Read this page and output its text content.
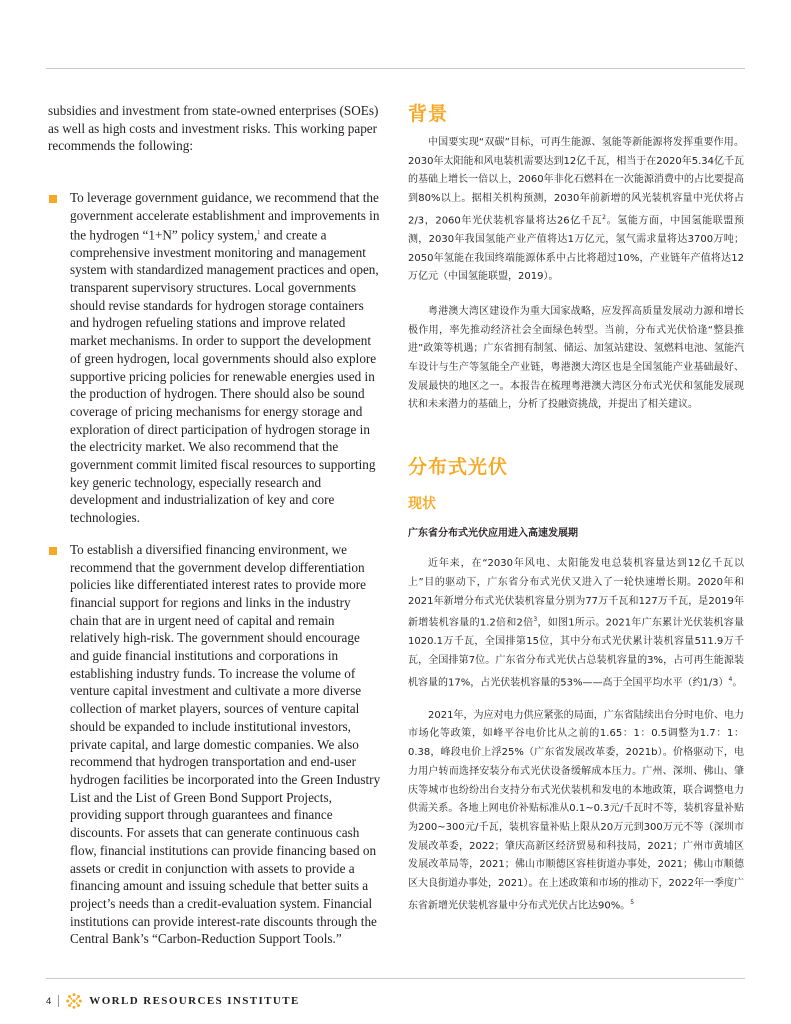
subsidies and investment from state-owned enterprises (SOEs) as well as high costs and investment risks. This working paper recommends the following:

To leverage government guidance, we recommend that the government accelerate establishment and improvements in the hydrogen “1+N” policy system,$^1$ and create a comprehensive investment monitoring and management system with standardized management practices and open, transparent supervisory structures. Local governments should revise standards for hydrogen storage containers and hydrogen refueling stations and improve related market mechanisms. In order to support the development of green hydrogen, local governments should also explore supportive pricing policies for renewable energies used in the production of hydrogen. There should also be sound coverage of pricing mechanisms for energy storage and exploration of direct participation of hydrogen storage in the electricity market. We also recommend that the government commit limited fiscal resources to supporting key generic technology, especially research and development and industrialization of key and core technologies.
To establish a diversified financing environment, we recommend that the government develop differentiation policies like differentiated interest rates to provide more financial support for regions and links in the industry chain that are in urgent need of capital and remain relatively high-risk. The government should encourage and guide financial institutions and corporations in establishing industry funds. To increase the volume of venture capital investment and cultivate a more diverse collection of market players, sources of venture capital should be expanded to include institutional investors, private capital, and large domestic companies. We also recommend that hydrogen transportation and end-user hydrogen facilities be incorporated into the Green Industry List and the List of Green Bond Support Projects, providing support through guarantees and finance discounts. For assets that can generate continuous cash flow, financial institutions can provide financing based on assets or credit in conjunction with assets to provide a financing amount and issuing schedule that better suits a project’s needs than a credit-evaluation system. Financial institutions can provide interest-rate discounts through the Central Bank’s “Carbon-Reduction Support Tools.”
背景

中国要实现“双碳”目标，可再生能源、氢能等新能源将发挥重要作用。2030年太阳能和风电装机需要达到12亿千瓦，相当于在2020年5.34亿千瓦的基础上增长一倍以上，2060年非化石燃料在一次能源消费中的占比要提高到80%以上。据相关机构预测，2030年前新增的风光装机容量中光伏将占2/3，2060年光伏装机容量将达26亿千瓦$^2$。氢能方面，中国氢能联盟预测，2030年我国氢能产业产值将达1万亿元，氢气需求量将达3700万吨；2050年氢能在我国终端能源体系中占比将超过10%，产业链年产值将达12万亿元（中国氢能联盟，2019）。

粤港澳大湾区建设作为重大国家战略，应发挥高质量发展动力源和增长极作用，率先推动经济社会全面绿色转型。当前，分布式光伏恰逢“整县推进”政策等机遇；广东省拥有制氢、储运、加氢站建设、氢燃料电池、氢能汽车设计与生产等氢能全产业链，粤港澳大湾区也是全国氢能产业基础最好、发展最快的地区之一。本报告在梳理粤港澳大湾区分布式光伏和氢能发展现状和未来潜力的基础上，分析了投融资挑战，并提出了相关建议。

分布式光伏
现状
广东省分布式光伏应用进入高速发展期

近年来，在“2030年风电、太阳能发电总装机容量达到12亿千瓦以上”目的驱动下，广东省分布式光伏又进入了一轮快速增长期。2020年和2021年新增分布式光伏装机容量分别为77万千瓦和127万千瓦，是2019年新增装机容量的1.2倍和2倍$^3$，如图1所示。2021年广东累计光伏装机容量1020.1万千瓦，全国排第15位，其中分布式光伏累计装机容量511.9万千瓦，全国排第7位。广东省分布式光伏占总装机容量的3%，占可再生能源装机容量的17%，占光伏装机容量的53%——高于全国平均水平（约1/3）$^4$。

2021年，为应对电力供应紧张的局面，广东省陆续出台分时电价、电力市场化等政策，如峰平谷电价比从之前的1.65：1：0.5调整为1.7：1：0.38，峰段电价上浮25%（广东省发展改革委，2021b）。价格驱动下，电力用户转而选择安装分布式光伏设备缓解成本压力。广州、深圳、佛山、肇庆等城市也纷纷出台支持分布式光伏装机和发电的本地政策，联合调整电力供需关系。各地上网电价补贴标准从0.1~0.3元/千瓦时不等，装机容量补贴为200~300元/千瓦，装机容量补贴上限从20万元到300万元不等（深圳市发展改革委，2022；肇庆高新区经济贸易和科技局，2021；广州市黄埔区发展改革局等，2021；佛山市顺德区容桂街道办事处，2021；佛山市顺德区大良街道办事处，2021）。在上述政策和市场的推动下，2022年一季度广东省新增光伏装机容量中分布式光伏占比达90%。$^5$

4	WORLD RESOURCES INSTITUTE
